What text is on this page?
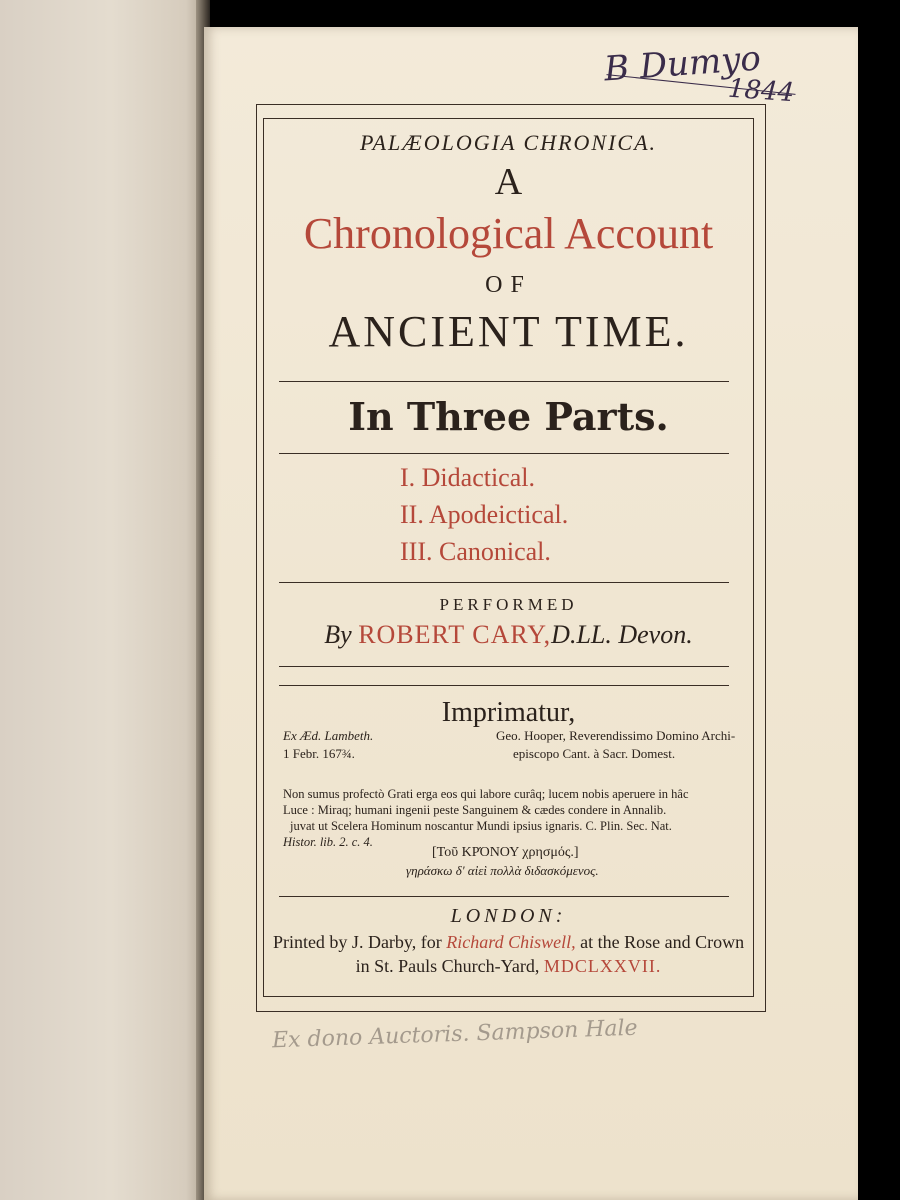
B Dumyo
1844
PALÆOLOGIA CHRONICA.
A
Chronological Account
OF
ANCIENT TIME.
In Three Parts.
I. Didactical.
II. Apodeictical.
III. Canonical.
PERFORMED
By ROBERT CARY,D.LL. Devon.
Imprimatur,
Ex Æd. Lambeth.
1 Febr. 167¾.
Geo. Hooper, Reverendissimo Domino Archi-
episcopo Cant. à Sacr. Domest.
Non sumus profectò Grati erga eos qui labore curâq; lucem nobis aperuere in hâc
Luce : Miraq; humani ingenii peste Sanguinem & cædes condere in Annalib.
juvat ut Scelera Hominum noscantur Mundi ipsius ignaris. C. Plin. Sec. Nat.
Histor. lib. 2. c. 4.
[Τοῦ ΚΡΌΝΟΥ χρησμός.]
γηράσκω δ' αἰεὶ πολλὰ διδασκόμενος.
LONDON:
Printed by J. Darby, for Richard Chiswell, at the Rose and Crown
in St. Pauls Church-Yard, MDCLXXVII.
Ex dono Auctoris. Sampson Hale
